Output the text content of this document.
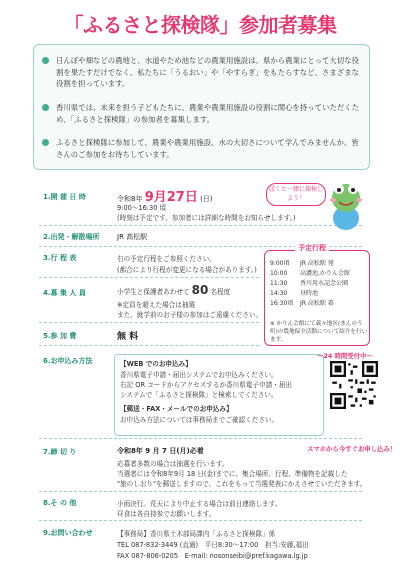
「ふるさと探検隊」参加者募集
日んぼや畑などの農地と、水道やため池などの農業用施設は、県から農業にとって大切な役割を果たすだけでなく、私たちに「うるおい」や「やすらぎ」をもたらすなど、さまざまな役割を担っています。
香川県では、未来を担う子どもたちに、農業や農業用施設の役割に関心を持っていただくため、「ふるさと探検隊」の参加者を募集します。
ふるさと探検隊に参加して、農業や農業用施設、水の大切さについて学んでみませんか。皆さんのご参加をお待ちしています。
1.開 催 日 時	令和8年 9月27日 (日)
9:00～16:30 頃
(時刻は予定です。参加者には詳細な時間をお知らせします。)
2.出発・解散場所 JR 高松駅
3.行 程 表	右の予定行程をご参照ください。
(都合により行程が変更になる場合があります。)
4.募 集 人 員	小学生と保護者あわせて 80 名程度
※定員を超えた場合は抽選
また、就学前のお子様の参加はご遠慮ください。
5.参 加 費	無 料
6.お申込み方法	【WEB でのお申込み】
香川県電子申請・届出システムでお申込みください。
右記 QR コードからアクセスするか香川県電子申請・届出
システムで「ふるさと探検隊」と検索してください。
【郵送・FAX・メールでのお申込み】
お申込み方法については事務局までご確認ください。
～24 時間受付中～
7.締 切 り	令和8年 9 月 7 日(月)必着	スマホから今すぐお申し込み！
応募者多数の場合は抽選を行います。
当選者には令和8年9月 18 日(金)までに、集合場所、行程、準備物を記載した
"旅のしおり"を郵送しますので、これをもって当選発表にかえさせていただきます。
8.そ の 他	小雨決行。荒天により中止する場合は前日連絡します。
昼食は各自持参でお願いします。
9.お問い合わせ	【事務局】香川県土木部局課内「ふるさと探検隊」係
TEL 087-832-3449 (直通)　平日8:30～17:00　担当:安藤,福田
FAX 087-806-0205　E-mail: nosonseibi@pref.kagawa.lg.jp
ぼくと一緒に探検しよう！
予定行程
9:00頃 JR 高松駅 発
10:00 高濃池,かりん会館
11:30 香川用水記念公園
14:30 昼時池
16:30頃 JR 高松駅 着
※ かりん会館にて義々地区(まんのう町)の農地保全活動について紹介を行います。
